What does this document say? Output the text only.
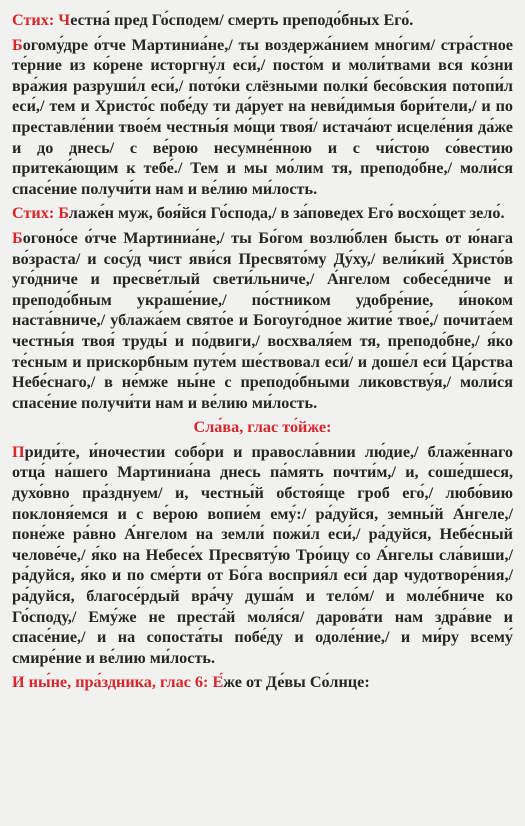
Стих: Честна́ пред Го́сподем/ смерть преподо́бных Его́.

Богому́дре о́тче Мартиниа́не,/ ты воздержа́нием мно́гим/ стра́стное те́рние из ко́рене исторгну́л еси́,/ посто́м и моли́твами вся ко́зни вра́жия разруши́л еси́,/ пото́ки слёзными полки́ бесо́вския потопи́л еси́,/ тем и Христо́с побе́ду ти да́рует на неви́димыя бори́тели,/ и по преставле́нии твое́м честны́я мо́щи твоя́/ истача́ют исцеле́ния да́же и до днесь/ с ве́рою несумне́нною и с чи́стою со́вестию притека́ющим к тебе́./ Тем и мы мо́лим тя, преподо́бне,/ моли́ся спасе́ние получи́ти нам и ве́лию ми́лость.

Стих: Блаже́н муж, боя́йся Го́спода,/ в за́поведех Его́ восхо́щет зело́.

Богоно́се о́тче Мартиниа́не,/ ты Бо́гом возлю́блен бысть от ю́нага во́зраста/ и сосу́д чист яви́ся Пресвято́му Ду́ху,/ вели́кий Христо́в уго́дниче и пресве́тлый свети́льниче,/ А́нгелом собесе́дниче и преподо́бным украше́ние,/ по́стником удобре́ние, и́ноком наста́вниче,/ ублажа́ем свято́е и Богоуго́дное житие́ твое́,/ почита́ем честны́я твоя́ труды́ и по́двиги,/ восхваля́ем тя, преподо́бне,/ я́ко те́сным и прискорбным путе́м ше́ствовал еси́/ и доше́л еси́ Ца́рства Небе́снаго,/ в не́мже ны́не с преподо́бными ликовству́я,/ моли́ся спасе́ние получи́ти нам и ве́лию ми́лость.

Сла́ва, глас то́йже:

Приди́те, и́ночестии собо́ри и правосла́внии лю́дие,/ блаже́ннаго отца́ на́шего Мартиниа́на днесь па́мять почти́м,/ и, соше́дшеся, духо́вно пра́зднуем/ и, честны́й обстоя́ще гроб его́,/ любо́вию поклоня́емся и с ве́рою вопие́м ему́:/ ра́дуйся, земны́й А́нгеле,/ поне́же ра́вно А́нгелом на земли́ пожи́л еси́,/ ра́дуйся, Небе́сный челове́че,/ я́ко на Небесе́х Пресвяту́ю Тро́ицу со А́нгелы сла́виши,/ ра́дуйся, я́ко и по сме́рти от Бо́га восприя́л еси́ дар чудотворе́ния,/ ра́дуйся, благосе́рдый вра́чу душа́м и тело́м/ и моле́бниче ко Го́споду,/ Ему́же не преста́й моля́ся/ дарова́ти нам здра́вие и спасе́ние,/ и на сопоста́ты побе́ду и одоле́ние,/ и ми́ру всему́ смире́ние и ве́лию ми́лость.

И ны́не, пра́здника, глас 6: Е́же от Де́вы Со́лнце:
